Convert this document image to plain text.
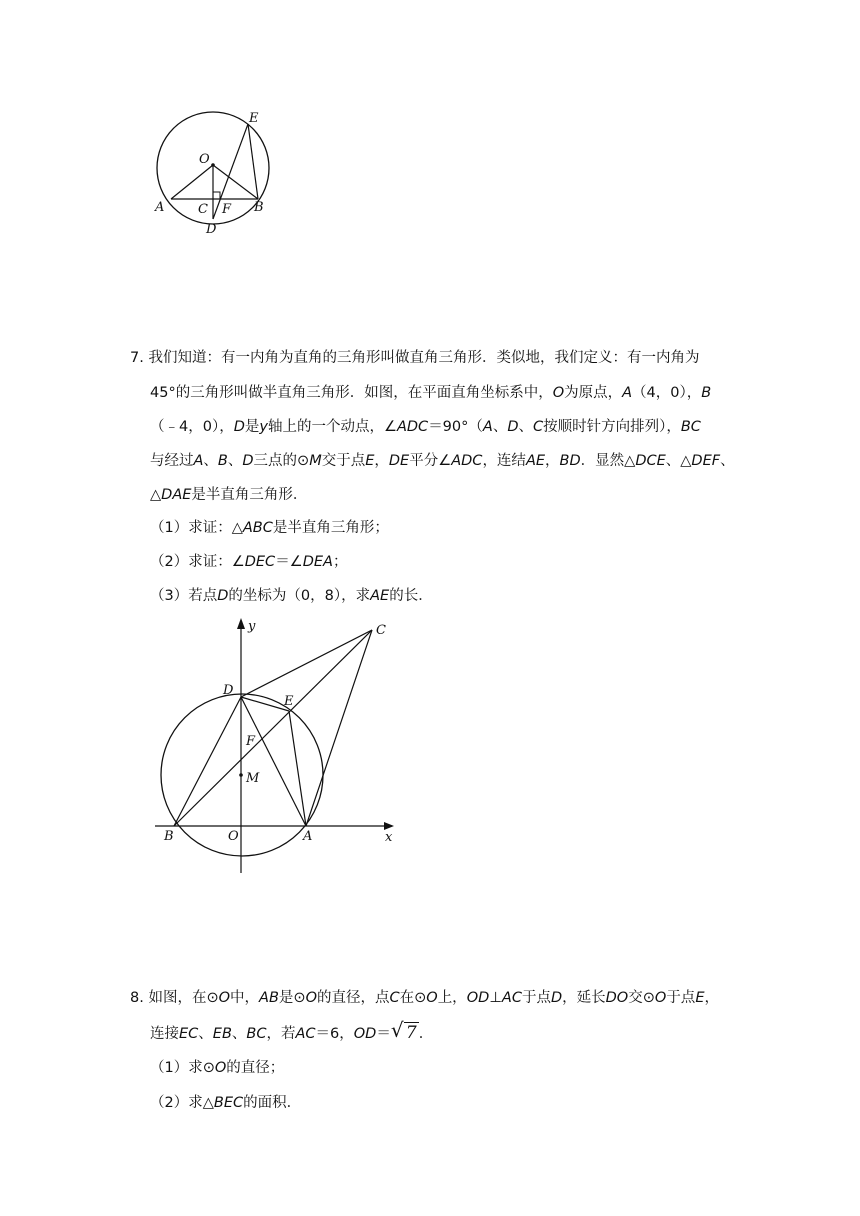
O
A	C F B
D
E
7. 我们知道：有一内角为直角的三角形叫做直角三角形．类似地，我们定义：有一内角为
45°的三角形叫做半直角三角形．如图，在平面直角坐标系中，O为原点，A（4，0），B
（﹣4，0），D是y轴上的一个动点，∠ADC＝90°（A、D、C按顺时针方向排列），BC
与经过A、B、D三点的⊙M交于点E，DE平分∠ADC，连结AE，BD．显然△DCE、△DEF、
△DAE是半直角三角形．
（1）求证：△ABC是半直角三角形；
（2）求证：∠DEC＝∠DEA；
（3）若点D的坐标为（0，8），求AE的长．
y
x
C
D
E
F
M
B	O	A
8. 如图，在⊙O中，AB是⊙O的直径，点C在⊙O上，OD⊥AC于点D，延长DO交⊙O于点E，
连接EC、EB、BC，若AC＝6，OD＝ √ 7 ．
（1）求⊙O的直径；
（2）求△BEC的面积．
